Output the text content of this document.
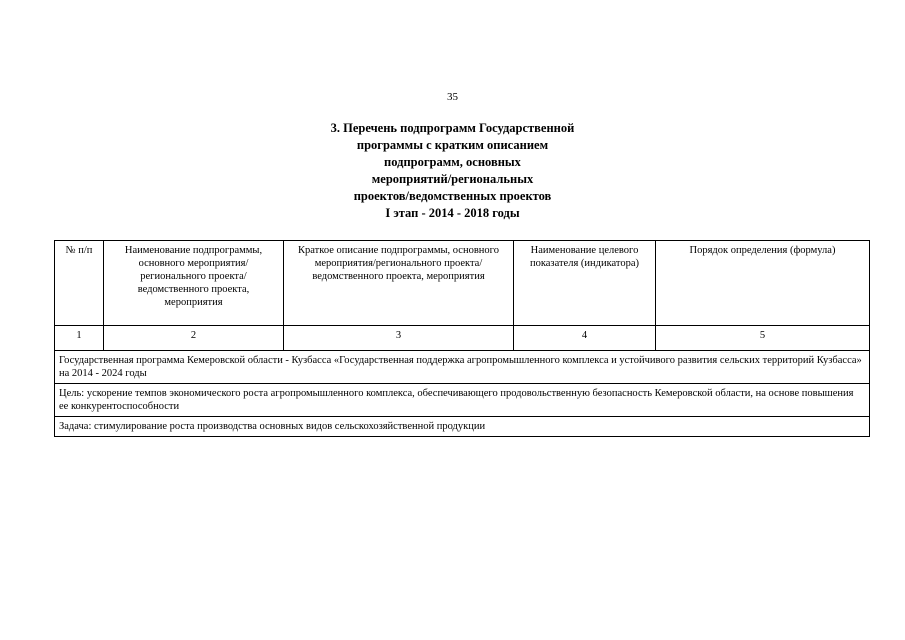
35
3. Перечень подпрограмм Государственной
программы с кратким описанием
подпрограмм, основных
мероприятий/региональных
проектов/ведомственных проектов
I этап - 2014 - 2018 годы
№ п/п	Наименование подпрограммы, основного мероприятия/ регионального проекта/ведомственного проекта, мероприятия	Краткое описание подпрограммы, основного мероприятия/регионального проекта/ведомственного проекта, мероприятия	Наименование целевого показателя (индикатора)	Порядок определения (формула)
1	2	3	4	5
Государственная программа Кемеровской области - Кузбасса «Государственная поддержка агропромышленного комплекса и устойчивого развития сельских территорий Кузбасса» на 2014 - 2024 годы				
Цель: ускорение темпов экономического роста агропромышленного комплекса, обеспечивающего продовольственную безопасность Кемеровской области, на основе повышения ее конкурентоспособности				
Задача: стимулирование роста производства основных видов сельскохозяйственной продукции				
